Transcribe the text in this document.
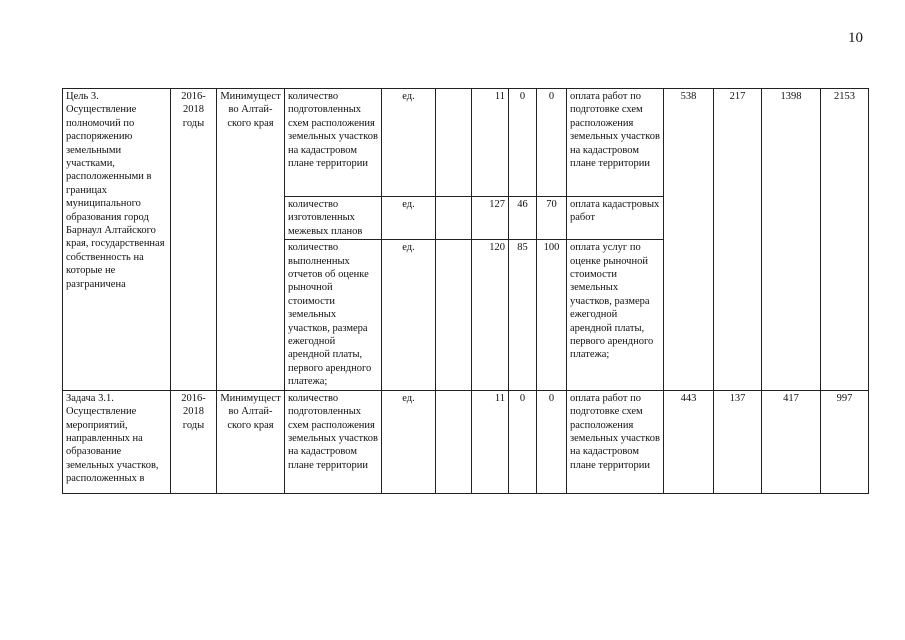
10
Цель 3.
Осуществление полномочий по распоряжению земельными участками, расположенными в границах муниципального образования город Барнаул Алтайского края, государственная собственность на которые не разграничена	2016-2018 годы	Минимущест во Алтай- ского края	количество подготовленных схем расположения земельных участков на кадастровом плане территории	ед.		11	0	0	оплата работ по подготовке схем расположения земельных участков на кадастровом плане территории	538	217	1398	2153
			количество изготовленных межевых планов	ед.		127	46	70	оплата кадастровых работ				
			количество выполненных отчетов об оценке рыночной стоимости земельных участков, размера ежегодной арендной платы, первого арендного платежа;	ед.		120	85	100	оплата услуг по оценке рыночной стоимости земельных участков, размера ежегодной арендной платы, первого арендного платежа;				
Задача 3.1.
Осуществление мероприятий, направленных на образование земельных участков, расположенных в	2016-2018 годы	Минимущест во Алтай- ского края	количество подготовленных схем расположения земельных участков на кадастровом плане территории	ед.		11	0	0	оплата работ по подготовке схем расположения земельных участков на кадастровом плане территории	443	137	417	997
